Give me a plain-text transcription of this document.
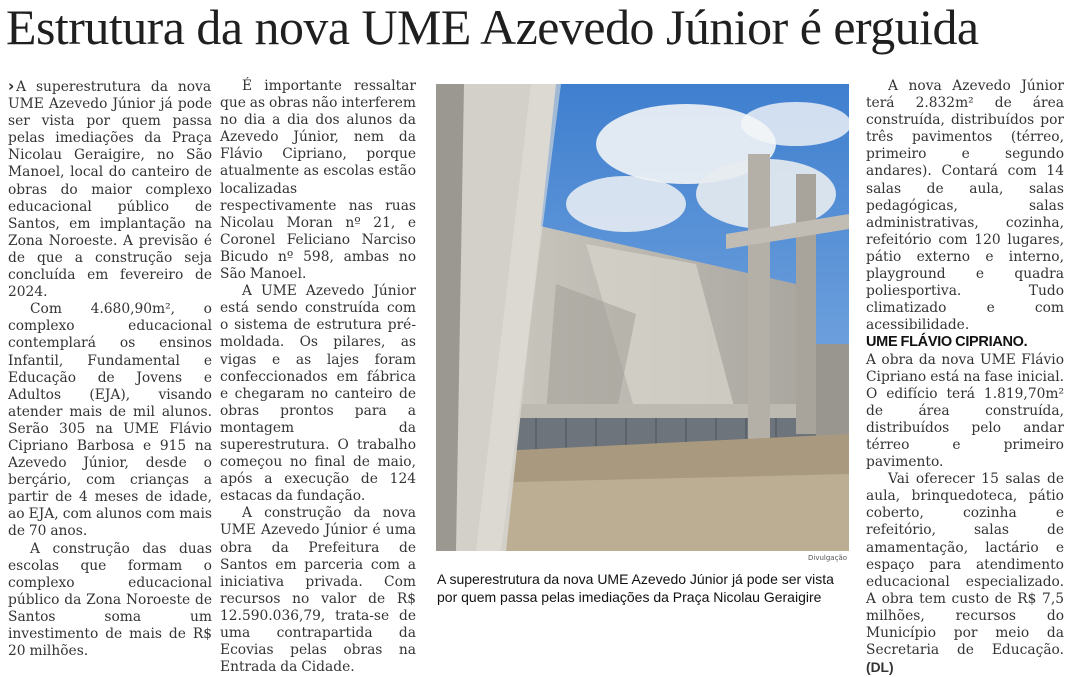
Estrutura da nova UME Azevedo Júnior é erguida

›› A superestrutura da nova UME Azevedo Júnior já pode ser vista por quem passa pelas imediações da Praça Nicolau Geraigire, no São Manoel, local do canteiro de obras do maior complexo educacional público de Santos, em implantação na Zona Noroeste. A previsão é de que a construção seja concluída em fevereiro de 2024.

Com 4.680,90m², o complexo educacional contemplará os ensinos Infantil, Fundamental e Educação de Jovens e Adultos (EJA), visando atender mais de mil alunos. Serão 305 na UME Flávio Cipriano Barbosa e 915 na Azevedo Júnior, desde o berçário, com crianças a partir de 4 meses de idade, ao EJA, com alunos com mais de 70 anos.

A construção das duas escolas que formam o complexo educacional público da Zona Noroeste de Santos soma um investimento de mais de R$ 20 milhões.

É importante ressaltar que as obras não interferem no dia a dia dos alunos da Azevedo Júnior, nem da Flávio Cipriano, porque atualmente as escolas estão localizadas respectivamente nas ruas Nicolau Moran nº 21, e Coronel Feliciano Narciso Bicudo nº 598, ambas no São Manoel.

A UME Azevedo Júnior está sendo construída com o sistema de estrutura pré-moldada. Os pilares, as vigas e as lajes foram confeccionados em fábrica e chegaram no canteiro de obras prontos para a montagem da superestrutura. O trabalho começou no final de maio, após a execução de 124 estacas da fundação.

A construção da nova UME Azevedo Júnior é uma obra da Prefeitura de Santos em parceria com a iniciativa privada. Com recursos no valor de R$ 12.590.036,79, trata-se de uma contrapartida da Ecovias pelas obras na Entrada da Cidade.

Divulgação
A superestrutura da nova UME Azevedo Júnior já pode ser vista por quem passa pelas imediações da Praça Nicolau Geraigire

A nova Azevedo Júnior terá 2.832m² de área construída, distribuídos por três pavimentos (térreo, primeiro e segundo andares). Contará com 14 salas de aula, salas pedagógicas, salas administrativas, cozinha, refeitório com 120 lugares, pátio externo e interno, playground e quadra poliesportiva. Tudo climatizado e com acessibilidade.

UME FLÁVIO CIPRIANO.

A obra da nova UME Flávio Cipriano está na fase inicial. O edifício terá 1.819,70m² de área construída, distribuídos pelo andar térreo e primeiro pavimento.

Vai oferecer 15 salas de aula, brinquedoteca, pátio coberto, cozinha e refeitório, salas de amamentação, lactário e espaço para atendimento educacional especializado. A obra tem custo de R$ 7,5 milhões, recursos do Município por meio da Secretaria de Educação. (DL)
